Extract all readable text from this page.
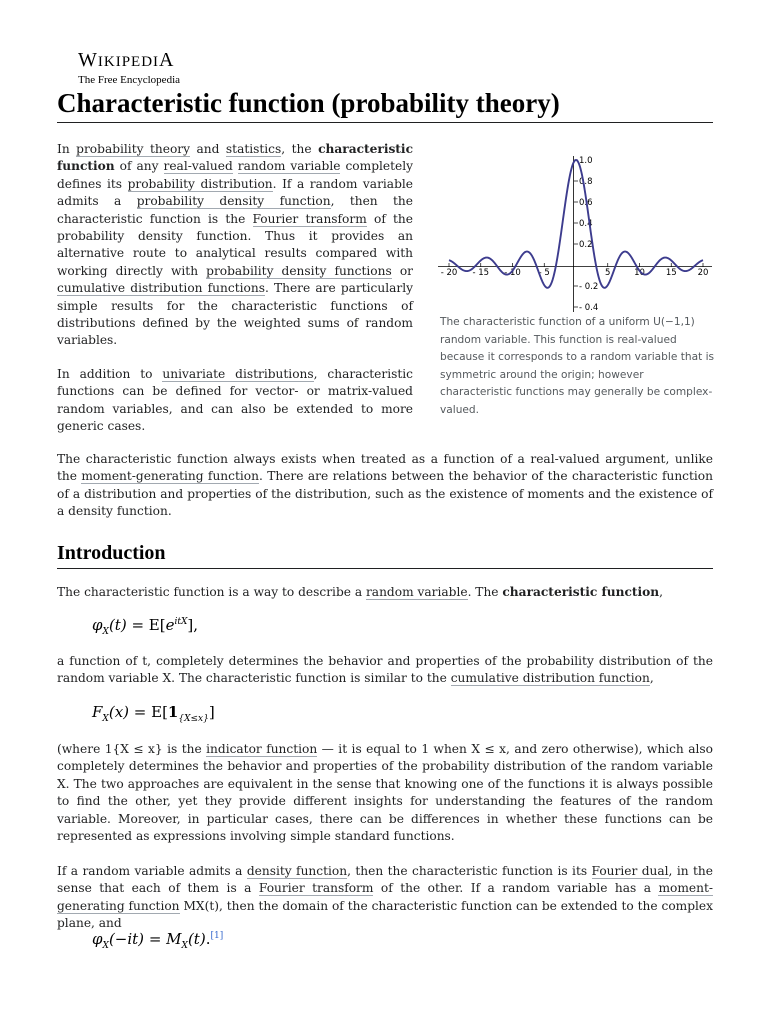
WIKIPEDIA
The Free Encyclopedia
Characteristic function (probability theory)

In probability theory and statistics, the characteristic function of any real-valued random variable completely defines its probability distribution. If a random variable admits a probability density function, then the characteristic function is the Fourier transform of the probability density function. Thus it provides an alternative route to analytical results compared with working directly with probability density functions or cumulative distribution functions. There are particularly simple results for the characteristic functions of distributions defined by the weighted sums of random variables.

In addition to univariate distributions, characteristic functions can be defined for vector- or matrix-valued random variables, and can also be extended to more generic cases.

- 20 - 15 - 10 - 5	5	10 15 20
1.0
0.8
0.6
0.4
0.2
- 0.2
- 0.4
The characteristic function of a uniform U(−1,1) random variable. This function is real-valued because it corresponds to a random variable that is symmetric around the origin; however characteristic functions may generally be complex-valued.

The characteristic function always exists when treated as a function of a real-valued argument, unlike the moment-generating function. There are relations between the behavior of the characteristic function of a distribution and properties of the distribution, such as the existence of moments and the existence of a density function.

Introduction

The characteristic function is a way to describe a random variable. The characteristic function,

$\varphi_X(t) = E[e^{itX}]$,

a function of t, completely determines the behavior and properties of the probability distribution of the random variable X. The characteristic function is similar to the cumulative distribution function,

$F_X(x) = E[1_{\{X\le x\}}]$

(where 1{X ≤ x} is the indicator function — it is equal to 1 when X ≤ x, and zero otherwise), which also completely determines the behavior and properties of the probability distribution of the random variable X. The two approaches are equivalent in the sense that knowing one of the functions it is always possible to find the other, yet they provide different insights for understanding the features of the random variable. Moreover, in particular cases, there can be differences in whether these functions can be represented as expressions involving simple standard functions.

If a random variable admits a density function, then the characteristic function is its Fourier dual, in the sense that each of them is a Fourier transform of the other. If a random variable has a moment-generating function MX(t), then the domain of the characteristic function can be extended to the complex plane, and

$\varphi_X(-it) = M_X(t).[1]$
